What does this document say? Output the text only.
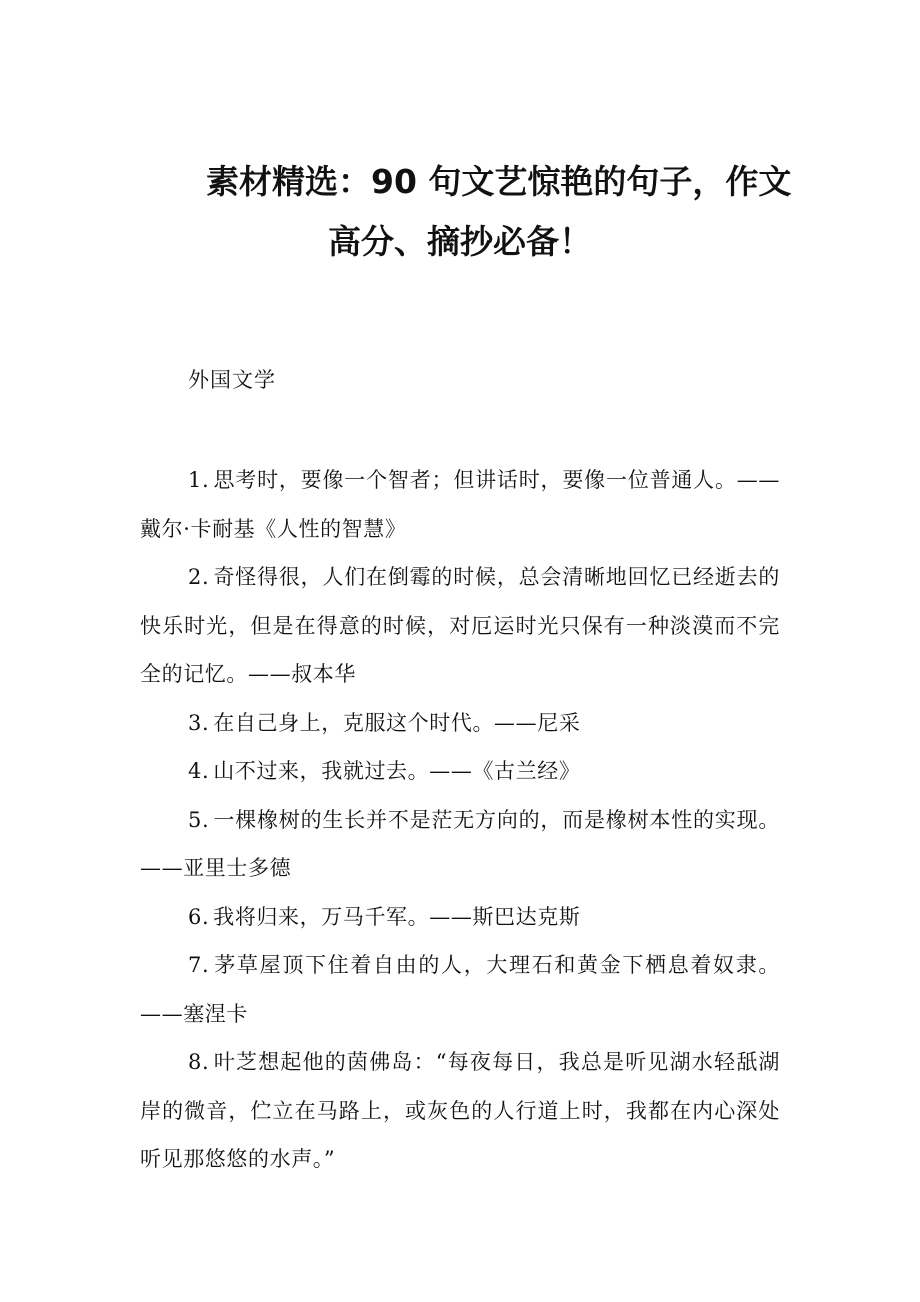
素材精选：90 句文艺惊艳的句子，作文
高分、摘抄必备！

外国文学

1. 思考时，要像一个智者；但讲话时，要像一位普通人。——戴尔·卡耐基《人性的智慧》
2. 奇怪得很，人们在倒霉的时候，总会清晰地回忆已经逝去的快乐时光，但是在得意的时候，对厄运时光只保有一种淡漠而不完全的记忆。——叔本华
3. 在自己身上，克服这个时代。——尼采
4. 山不过来，我就过去。——《古兰经》
5. 一棵橡树的生长并不是茫无方向的，而是橡树本性的实现。——亚里士多德
6. 我将归来，万马千军。——斯巴达克斯
7. 茅草屋顶下住着自由的人，大理石和黄金下栖息着奴隶。——塞涅卡
8. 叶芝想起他的茵佛岛：“每夜每日，我总是听见湖水轻舐湖岸的微音，伫立在马路上，或灰色的人行道上时，我都在内心深处听见那悠悠的水声。”
